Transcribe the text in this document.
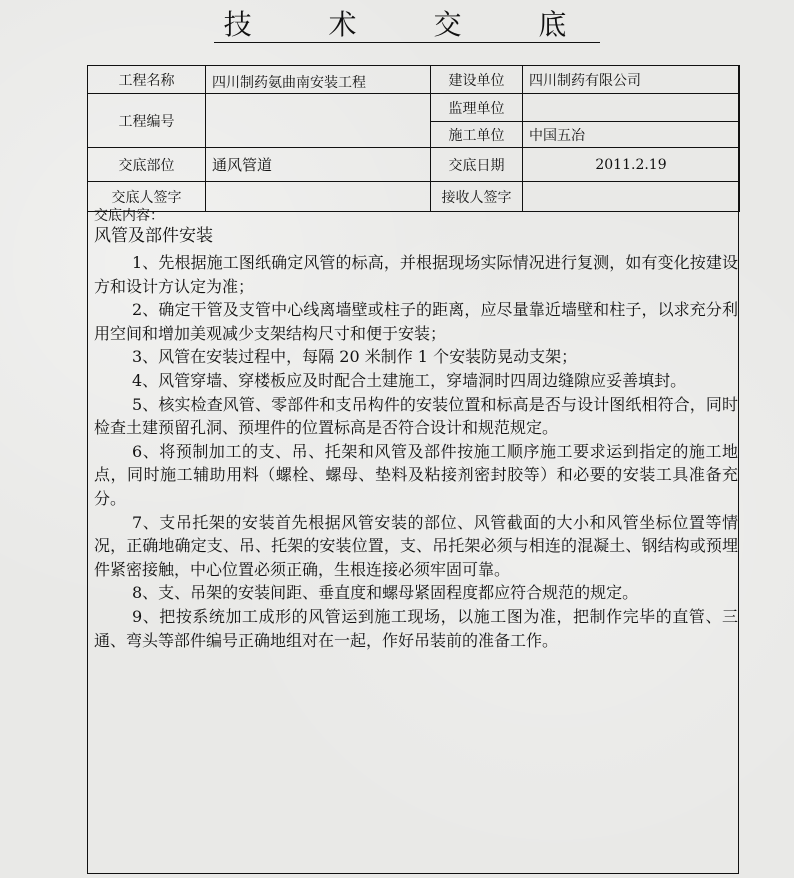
技 术 交 底
工程名称	四川制药氨曲南安装工程	建设单位	四川制药有限公司
		监理单位	
工程编号			
		施工单位	中国五冶
交底部位	通风管道	交底日期	2011.2.19
交底人签字		接收人签字	
交底内容：
风管及部件安装

1、先根据施工图纸确定风管的标高，并根据现场实际情况进行复测，如有变化按建设方和设计方认定为准；

2、确定干管及支管中心线离墙壁或柱子的距离，应尽量靠近墙壁和柱子，以求充分利用空间和增加美观减少支架结构尺寸和便于安装；

3、风管在安装过程中，每隔 20 米制作 1 个安装防晃动支架；

4、风管穿墙、穿楼板应及时配合土建施工，穿墙洞时四周边缝隙应妥善填封。

5、核实检查风管、零部件和支吊构件的安装位置和标高是否与设计图纸相符合，同时检查土建预留孔洞、预埋件的位置标高是否符合设计和规范规定。

6、将预制加工的支、吊、托架和风管及部件按施工顺序施工要求运到指定的施工地点，同时施工辅助用料（螺栓、螺母、垫料及粘接剂密封胶等）和必要的安装工具准备充分。

7、支吊托架的安装首先根据风管安装的部位、风管截面的大小和风管坐标位置等情况，正确地确定支、吊、托架的安装位置，支、吊托架必须与相连的混凝土、钢结构或预埋件紧密接触，中心位置必须正确，生根连接必须牢固可靠。

8、支、吊架的安装间距、垂直度和螺母紧固程度都应符合规范的规定。

9、把按系统加工成形的风管运到施工现场，以施工图为准，把制作完毕的直管、三通、弯头等部件编号正确地组对在一起，作好吊装前的准备工作。
